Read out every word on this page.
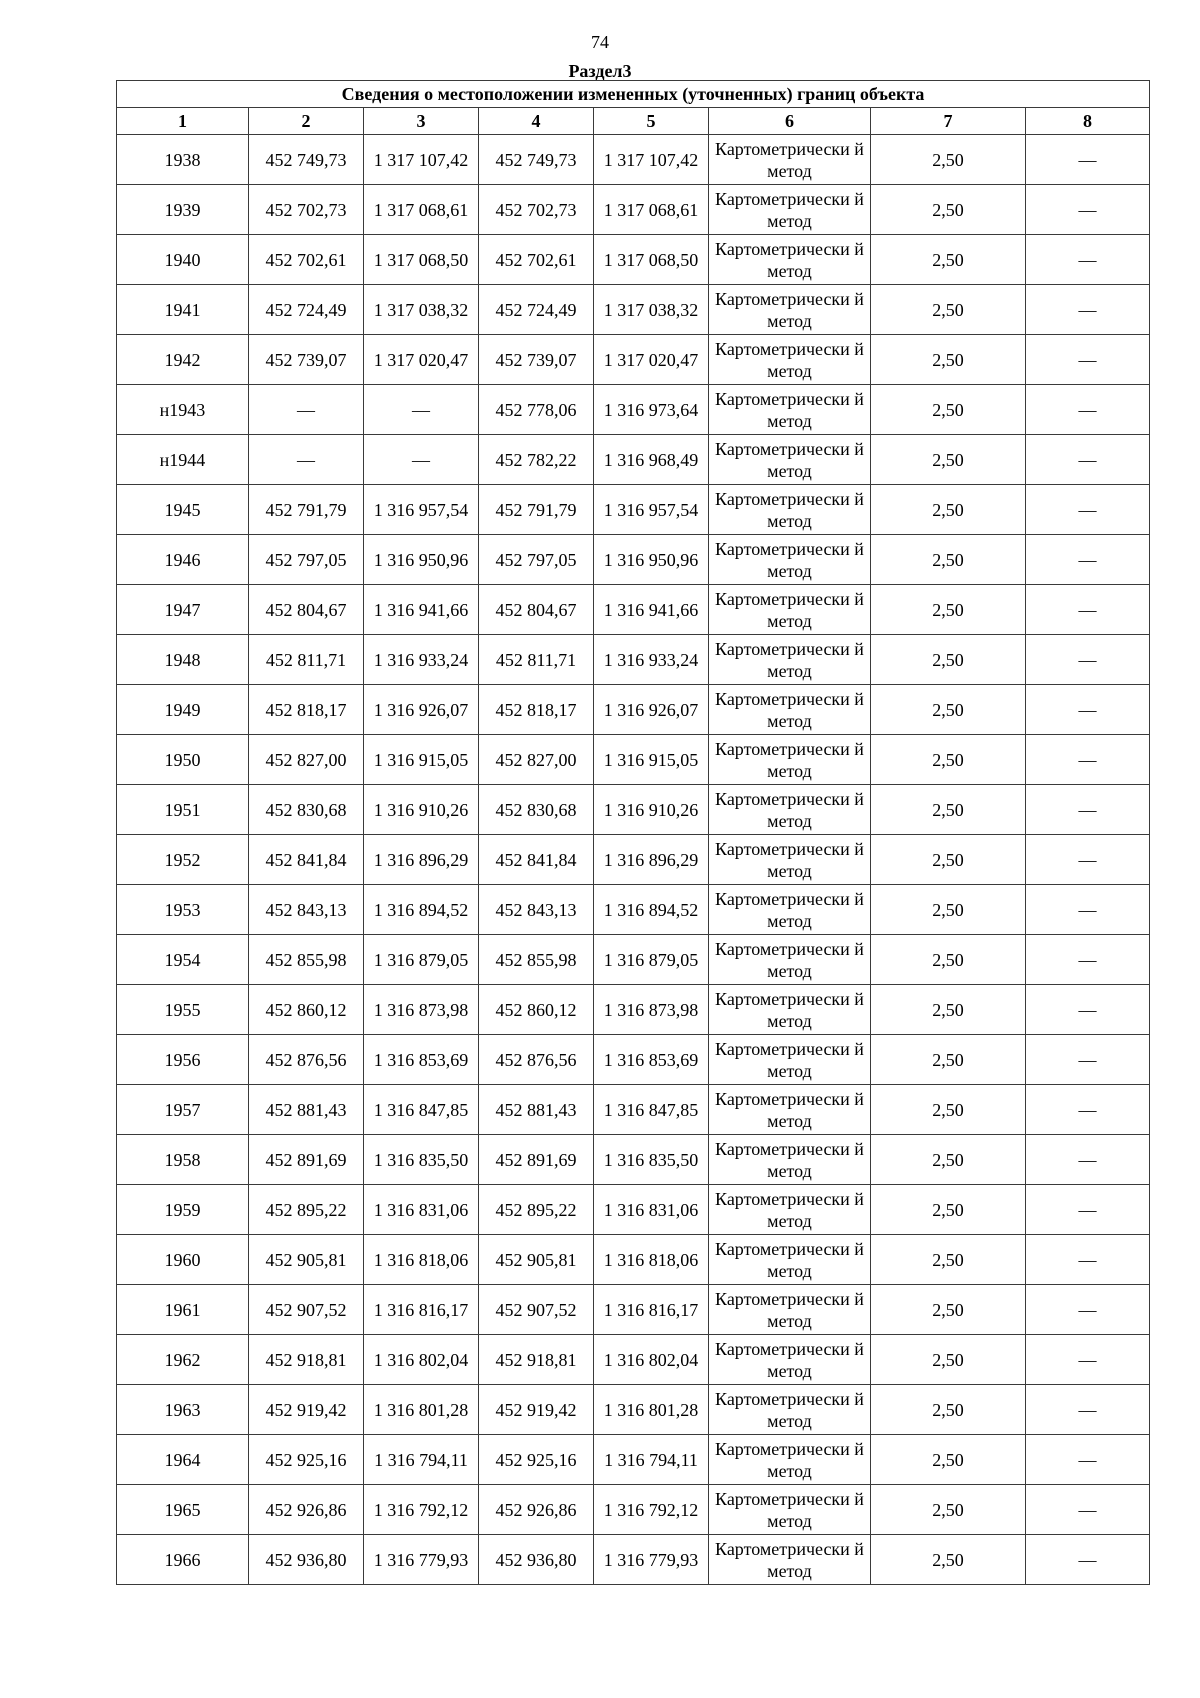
74
Раздел3
Сведения о местоположении измененных (уточненных) границ объекта							
1	2	3	4	5	6	7	8
1938	452 749,73	1 317 107,42	452 749,73	1 317 107,42	Картометрически й метод	2,50	—
1939	452 702,73	1 317 068,61	452 702,73	1 317 068,61	Картометрически й метод	2,50	—
1940	452 702,61	1 317 068,50	452 702,61	1 317 068,50	Картометрически й метод	2,50	—
1941	452 724,49	1 317 038,32	452 724,49	1 317 038,32	Картометрически й метод	2,50	—
1942	452 739,07	1 317 020,47	452 739,07	1 317 020,47	Картометрически й метод	2,50	—
н1943	—	—	452 778,06	1 316 973,64	Картометрически й метод	2,50	—
н1944	—	—	452 782,22	1 316 968,49	Картометрически й метод	2,50	—
1945	452 791,79	1 316 957,54	452 791,79	1 316 957,54	Картометрически й метод	2,50	—
1946	452 797,05	1 316 950,96	452 797,05	1 316 950,96	Картометрически й метод	2,50	—
1947	452 804,67	1 316 941,66	452 804,67	1 316 941,66	Картометрически й метод	2,50	—
1948	452 811,71	1 316 933,24	452 811,71	1 316 933,24	Картометрически й метод	2,50	—
1949	452 818,17	1 316 926,07	452 818,17	1 316 926,07	Картометрически й метод	2,50	—
1950	452 827,00	1 316 915,05	452 827,00	1 316 915,05	Картометрически й метод	2,50	—
1951	452 830,68	1 316 910,26	452 830,68	1 316 910,26	Картометрически й метод	2,50	—
1952	452 841,84	1 316 896,29	452 841,84	1 316 896,29	Картометрически й метод	2,50	—
1953	452 843,13	1 316 894,52	452 843,13	1 316 894,52	Картометрически й метод	2,50	—
1954	452 855,98	1 316 879,05	452 855,98	1 316 879,05	Картометрически й метод	2,50	—
1955	452 860,12	1 316 873,98	452 860,12	1 316 873,98	Картометрически й метод	2,50	—
1956	452 876,56	1 316 853,69	452 876,56	1 316 853,69	Картометрически й метод	2,50	—
1957	452 881,43	1 316 847,85	452 881,43	1 316 847,85	Картометрически й метод	2,50	—
1958	452 891,69	1 316 835,50	452 891,69	1 316 835,50	Картометрически й метод	2,50	—
1959	452 895,22	1 316 831,06	452 895,22	1 316 831,06	Картометрически й метод	2,50	—
1960	452 905,81	1 316 818,06	452 905,81	1 316 818,06	Картометрически й метод	2,50	—
1961	452 907,52	1 316 816,17	452 907,52	1 316 816,17	Картометрически й метод	2,50	—
1962	452 918,81	1 316 802,04	452 918,81	1 316 802,04	Картометрически й метод	2,50	—
1963	452 919,42	1 316 801,28	452 919,42	1 316 801,28	Картометрически й метод	2,50	—
1964	452 925,16	1 316 794,11	452 925,16	1 316 794,11	Картометрически й метод	2,50	—
1965	452 926,86	1 316 792,12	452 926,86	1 316 792,12	Картометрически й метод	2,50	—
1966	452 936,80	1 316 779,93	452 936,80	1 316 779,93	Картометрически й метод	2,50	—
